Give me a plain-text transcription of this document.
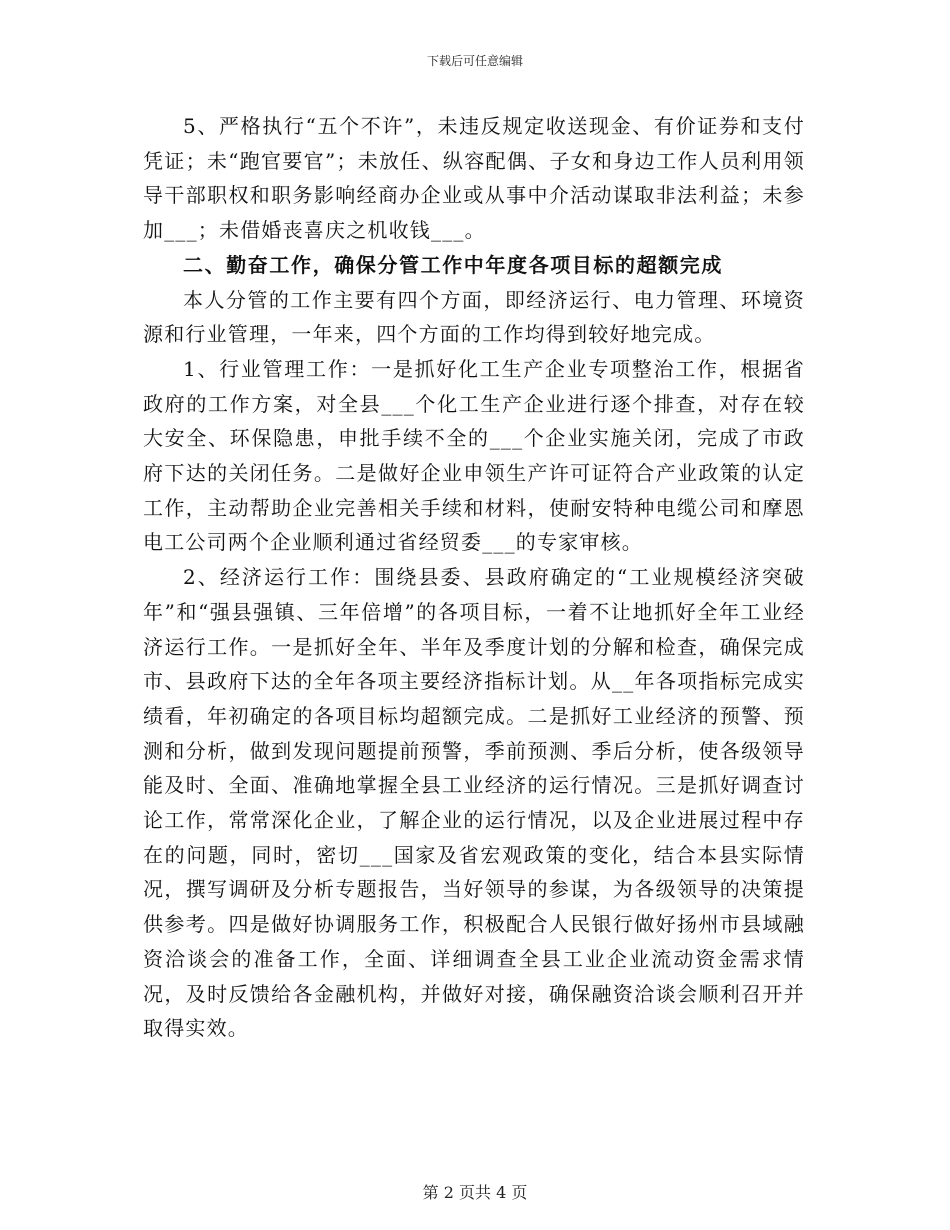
下载后可任意编辑

5、严格执行“五个不许”，未违反规定收送现金、有价证券和支付凭证；未“跑官要官”；未放任、纵容配偶、子女和身边工作人员利用领导干部职权和职务影响经商办企业或从事中介活动谋取非法利益；未参加___；未借婚丧喜庆之机收钱___。

二、勤奋工作，确保分管工作中年度各项目标的超额完成

本人分管的工作主要有四个方面，即经济运行、电力管理、环境资源和行业管理，一年来，四个方面的工作均得到较好地完成。

1、行业管理工作：一是抓好化工生产企业专项整治工作，根据省政府的工作方案，对全县___个化工生产企业进行逐个排查，对存在较大安全、环保隐患，申批手续不全的___个企业实施关闭，完成了市政府下达的关闭任务。二是做好企业申领生产许可证符合产业政策的认定工作，主动帮助企业完善相关手续和材料，使耐安特种电缆公司和摩恩电工公司两个企业顺利通过省经贸委___的专家审核。

2、经济运行工作：围绕县委、县政府确定的“工业规模经济突破年”和“强县强镇、三年倍增”的各项目标，一着不让地抓好全年工业经济运行工作。一是抓好全年、半年及季度计划的分解和检查，确保完成市、县政府下达的全年各项主要经济指标计划。从__年各项指标完成实绩看，年初确定的各项目标均超额完成。二是抓好工业经济的预警、预测和分析，做到发现问题提前预警，季前预测、季后分析，使各级领导能及时、全面、准确地掌握全县工业经济的运行情况。三是抓好调查讨论工作，常常深化企业，了解企业的运行情况，以及企业进展过程中存在的问题，同时，密切___国家及省宏观政策的变化，结合本县实际情况，撰写调研及分析专题报告，当好领导的参谋，为各级领导的决策提供参考。四是做好协调服务工作，积极配合人民银行做好扬州市县域融资洽谈会的准备工作，全面、详细调查全县工业企业流动资金需求情况，及时反馈给各金融机构，并做好对接，确保融资洽谈会顺利召开并取得实效。

第 2 页共 4 页
